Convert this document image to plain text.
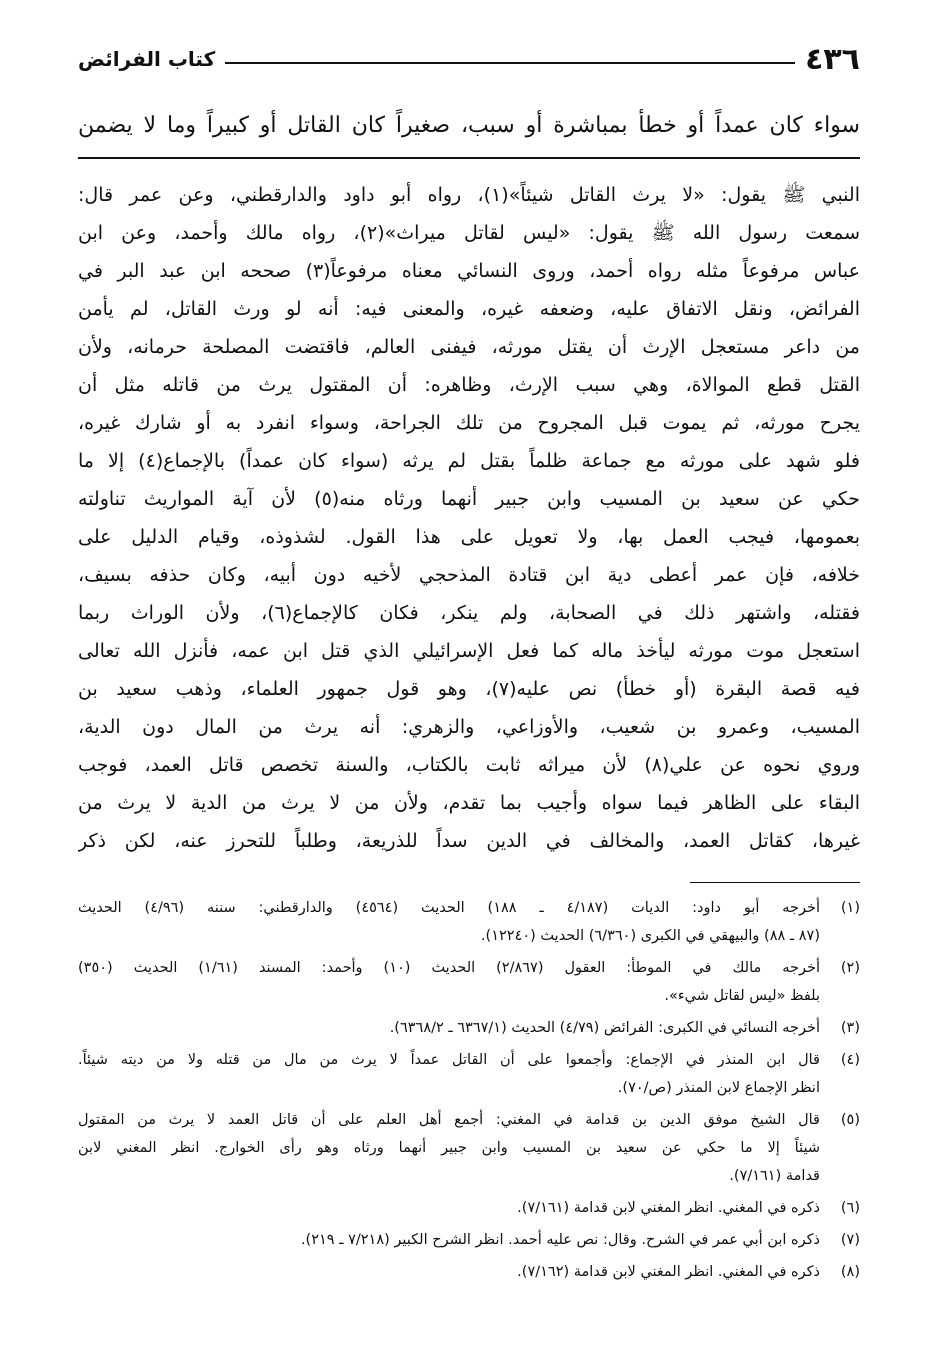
٤٣٦
كتاب الفرائض
سواء كان عمداً أو خطأ بمباشرة أو سبب، صغيراً كان القاتل أو كبيراً وما لا يضمن
النبي ﷺ يقول: «لا يرث القاتل شيئاً»(١)، رواه أبو داود والدارقطني، وعن عمر قال:
سمعت رسول الله ﷺ يقول: «ليس لقاتل ميراث»(٢)، رواه مالك وأحمد، وعن ابن
عباس مرفوعاً مثله رواه أحمد، وروى النسائي معناه مرفوعاً(٣) صححه ابن عبد البر في
الفرائض، ونقل الاتفاق عليه، وضعفه غيره، والمعنى فيه: أنه لو ورث القاتل، لم يأمن
من داعر مستعجل الإرث أن يقتل مورثه، فيفنى العالم، فاقتضت المصلحة حرمانه، ولأن
القتل قطع الموالاة، وهي سبب الإرث، وظاهره: أن المقتول يرث من قاتله مثل أن
يجرح مورثه، ثم يموت قبل المجروح من تلك الجراحة، وسواء انفرد به أو شارك غيره،
فلو شهد على مورثه مع جماعة ظلماً بقتل لم يرثه (سواء كان عمداً) بالإجماع(٤) إلا ما
حكي عن سعيد بن المسيب وابن جبير أنهما ورثاه منه(٥) لأن آية المواريث تناولته
بعمومها، فيجب العمل بها، ولا تعويل على هذا القول. لشذوذه، وقيام الدليل على
خلافه، فإن عمر أعطى دية ابن قتادة المذحجي لأخيه دون أبيه، وكان حذفه بسيف،
فقتله، واشتهر ذلك في الصحابة، ولم ينكر، فكان كالإجماع(٦)، ولأن الوراث ربما
استعجل موت مورثه ليأخذ ماله كما فعل الإسرائيلي الذي قتل ابن عمه، فأنزل الله تعالى
فيه قصة البقرة (أو خطأ) نص عليه(٧)، وهو قول جمهور العلماء، وذهب سعيد بن
المسيب، وعمرو بن شعيب، والأوزاعي، والزهري: أنه يرث من المال دون الدية،
وروي نحوه عن علي(٨) لأن ميراثه ثابت بالكتاب، والسنة تخصص قاتل العمد، فوجب
البقاء على الظاهر فيما سواه وأجيب بما تقدم، ولأن من لا يرث من الدية لا يرث من
غيرها، كقاتل العمد، والمخالف في الدين سداً للذريعة، وطلباً للتحرز عنه، لكن ذكر
(١)
أخرجه أبو داود: الديات (٤/١٨٧ ـ ١٨٨) الحديث (٤٥٦٤) والدارقطني: سننه (٤/٩٦) الحديث
(٨٧ ـ ٨٨) والبيهقي في الكبرى (٦/٣٦٠) الحديث (١٢٢٤٠).
(٢)
أخرجه مالك في الموطأ: العقول (٢/٨٦٧) الحديث (١٠) وأحمد: المسند (١/٦١) الحديث (٣٥٠)
بلفظ «ليس لقاتل شيء».
(٣)
أخرجه النسائي في الكبرى: الفرائض (٤/٧٩) الحديث (٦٣٦٧/١ ـ ٦٣٦٨/٢).
(٤)
قال ابن المنذر في الإجماع: وأجمعوا على أن القاتل عمداً لا يرث من مال من قتله ولا من ديته شيئاً.
انظر الإجماع لابن المنذر (ص/٧٠).
(٥)
قال الشيخ موفق الدين بن قدامة في المغني: أجمع أهل العلم على أن قاتل العمد لا يرث من المقتول
شيئاً إلا ما حكي عن سعيد بن المسيب وابن جبير أنهما ورثاه وهو رأى الخوارج. انظر المغني لابن
قدامة (٧/١٦١).
(٦)
ذكره في المغني. انظر المغني لابن قدامة (٧/١٦١).
(٧)
ذكره ابن أبي عمر في الشرح. وقال: نص عليه أحمد. انظر الشرح الكبير (٧/٢١٨ ـ ٢١٩).
(٨)
ذكره في المغني. انظر المغني لابن قدامة (٧/١٦٢).
